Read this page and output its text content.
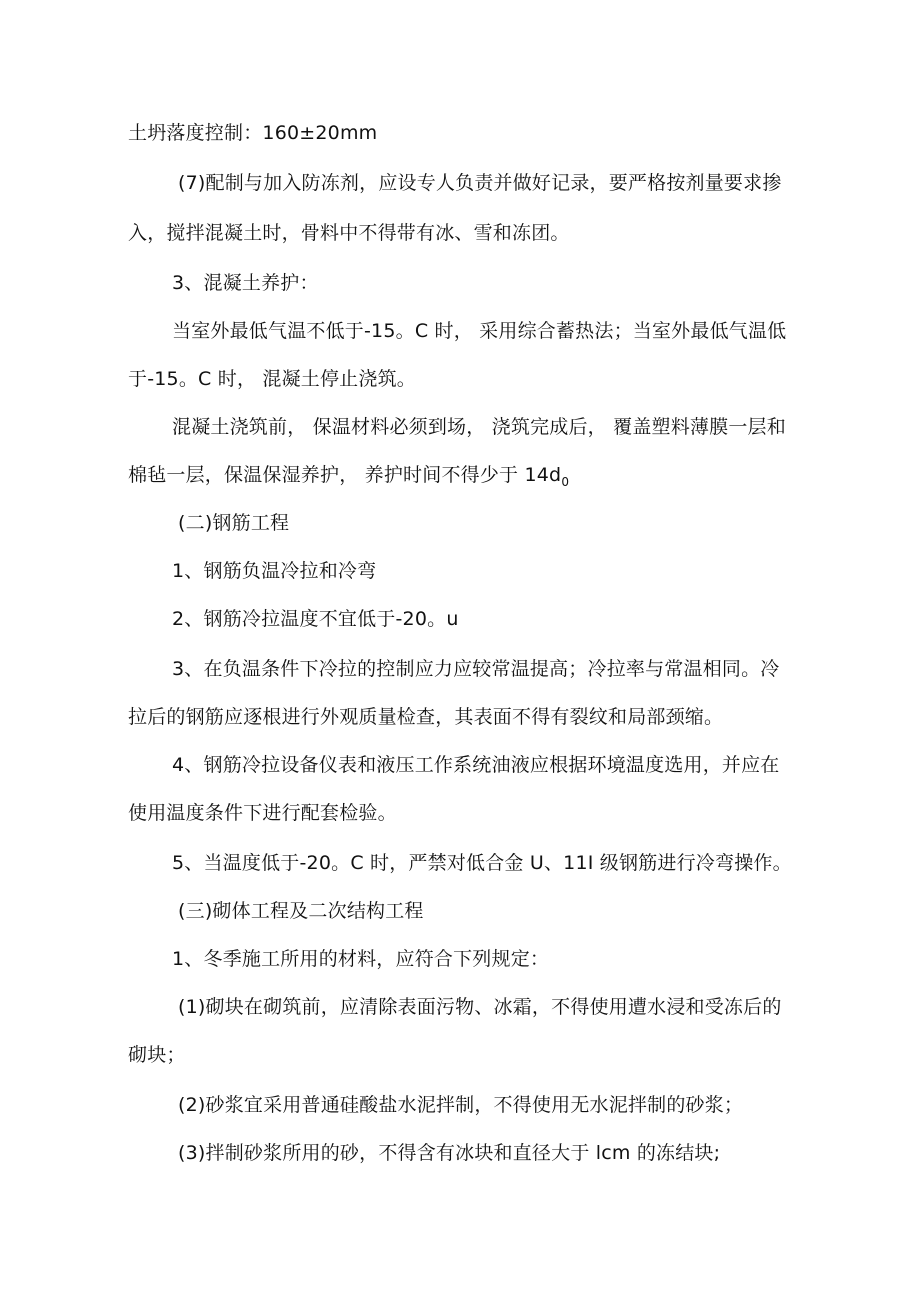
土坍落度控制：160±20mm
(7)配制与加入防冻剂，应设专人负责并做好记录，要严格按剂量要求掺
入，搅拌混凝土时，骨料中不得带有冰、雪和冻团。
3、混凝土养护：
当室外最低气温不低于-15。C 时， 采用综合蓄热法；当室外最低气温低
于-15。C 时， 混凝土停止浇筑。
混凝土浇筑前， 保温材料必须到场， 浇筑完成后， 覆盖塑料薄膜一层和
棉毡一层，保温保湿养护， 养护时间不得少于 $14d_0$
(二)钢筋工程
1、钢筋负温冷拉和冷弯
2、钢筋冷拉温度不宜低于-20。u
3、在负温条件下冷拉的控制应力应较常温提高；冷拉率与常温相同。冷
拉后的钢筋应逐根进行外观质量检查，其表面不得有裂纹和局部颈缩。
4、钢筋冷拉设备仪表和液压工作系统油液应根据环境温度选用，并应在
使用温度条件下进行配套检验。
5、当温度低于-20。C 时，严禁对低合金 U、11I 级钢筋进行冷弯操作。
(三)砌体工程及二次结构工程
1、冬季施工所用的材料，应符合下列规定：
(1)砌块在砌筑前，应清除表面污物、冰霜，不得使用遭水浸和受冻后的
砌块；
(2)砂浆宜采用普通硅酸盐水泥拌制，不得使用无水泥拌制的砂浆；
(3)拌制砂浆所用的砂，不得含有冰块和直径大于 lcm 的冻结块;
